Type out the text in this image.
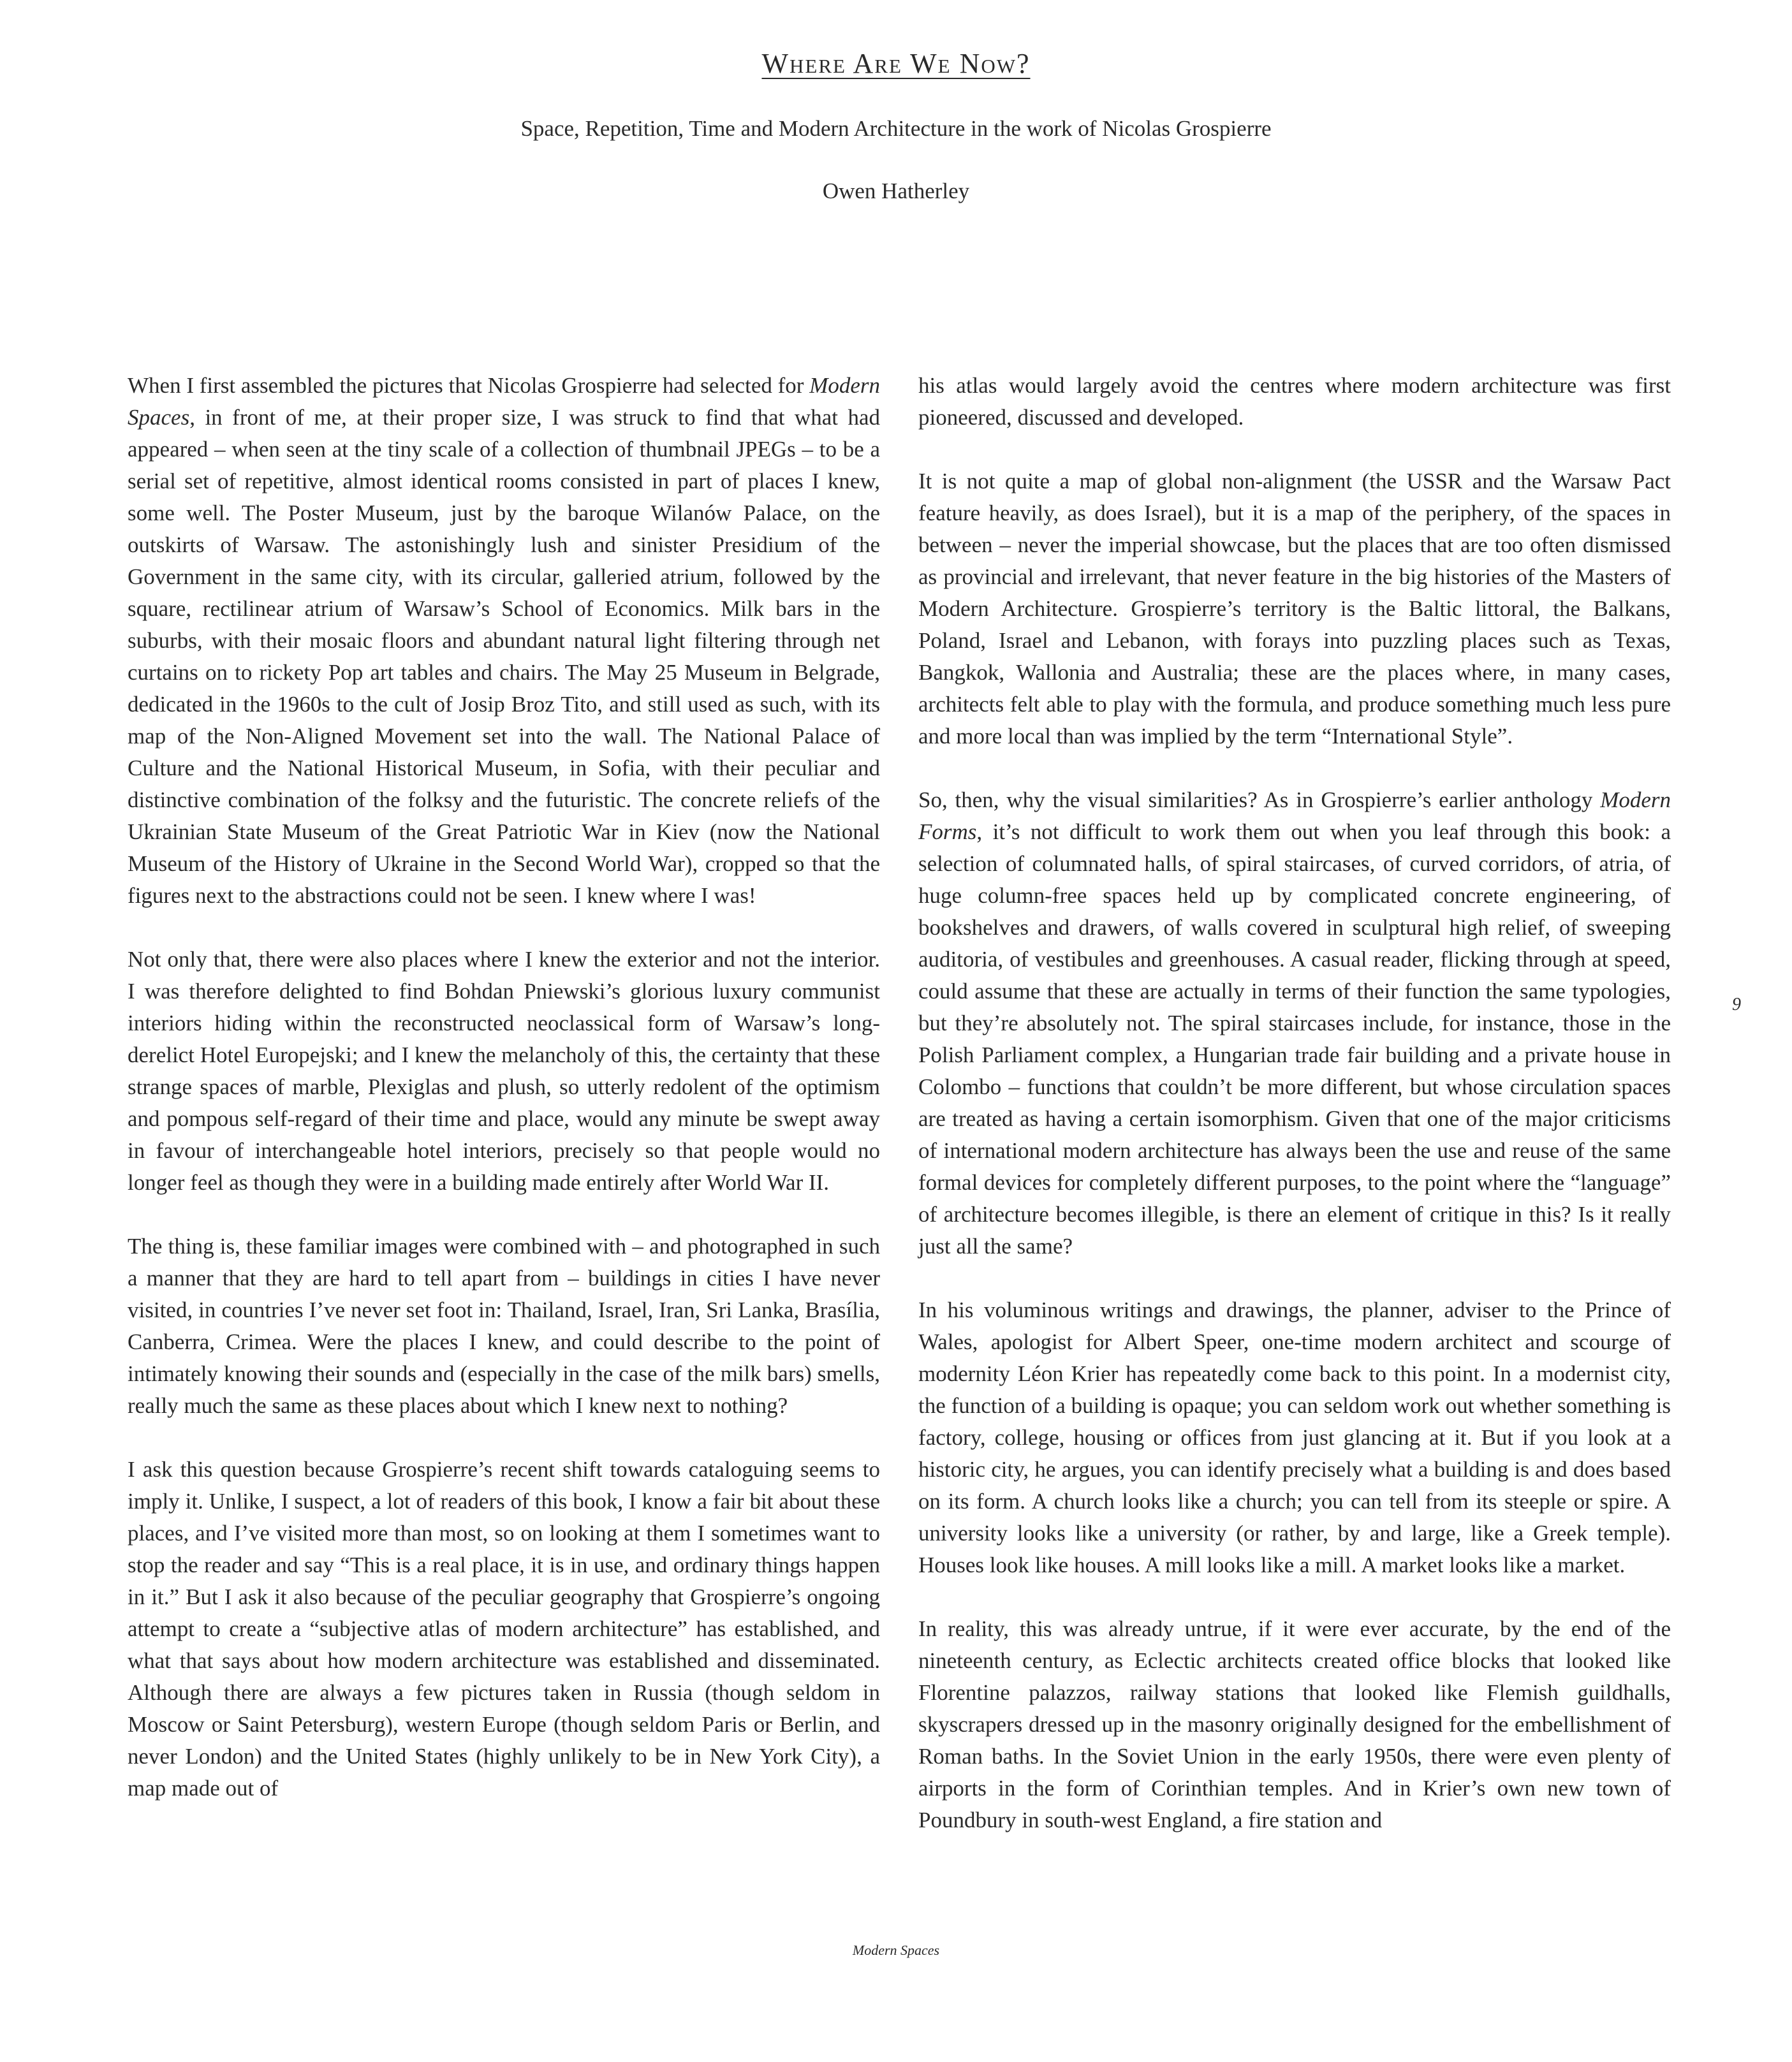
Where Are We Now?
Space, Repetition, Time and Modern Architecture in the work of Nicolas Grospierre
Owen Hatherley

When I first assembled the pictures that Nicolas Grospierre had selected for Modern Spaces, in front of me, at their proper size, I was struck to find that what had appeared – when seen at the tiny scale of a collection of thumbnail JPEGs – to be a serial set of repetitive, almost identical rooms consisted in part of places I knew, some well. The Poster Museum, just by the baroque Wilanów Palace, on the outskirts of Warsaw. The astonishingly lush and sinister Presidium of the Government in the same city, with its circular, galleried atrium, followed by the square, rectilinear atrium of Warsaw’s School of Economics. Milk bars in the suburbs, with their mosaic floors and abundant natural light filtering through net curtains on to rickety Pop art tables and chairs. The May 25 Museum in Belgrade, dedicated in the 1960s to the cult of Josip Broz Tito, and still used as such, with its map of the Non-Aligned Movement set into the wall. The National Palace of Culture and the National Historical Museum, in Sofia, with their peculiar and distinctive combination of the folksy and the futuristic. The concrete reliefs of the Ukrainian State Museum of the Great Patriotic War in Kiev (now the National Museum of the History of Ukraine in the Second World War), cropped so that the figures next to the abstractions could not be seen. I knew where I was!

Not only that, there were also places where I knew the exterior and not the interior. I was therefore delighted to find Bohdan Pniewski’s glorious luxury communist interiors hiding within the reconstructed neoclassical form of Warsaw’s long-derelict Hotel Europejski; and I knew the melancholy of this, the certainty that these strange spaces of marble, Plexiglas and plush, so utterly redolent of the optimism and pompous self-regard of their time and place, would any minute be swept away in favour of interchangeable hotel interiors, precisely so that people would no longer feel as though they were in a building made entirely after World War II.

The thing is, these familiar images were combined with – and photographed in such a manner that they are hard to tell apart from – buildings in cities I have never visited, in countries I’ve never set foot in: Thailand, Israel, Iran, Sri Lanka, Brasília, Canberra, Crimea. Were the places I knew, and could describe to the point of intimately knowing their sounds and (especially in the case of the milk bars) smells, really much the same as these places about which I knew next to nothing?

I ask this question because Grospierre’s recent shift towards cataloguing seems to imply it. Unlike, I suspect, a lot of readers of this book, I know a fair bit about these places, and I’ve visited more than most, so on looking at them I sometimes want to stop the reader and say “This is a real place, it is in use, and ordinary things happen in it.” But I ask it also because of the peculiar geography that Grospierre’s ongoing attempt to create a “subjective atlas of modern architecture” has established, and what that says about how modern architecture was established and disseminated. Although there are always a few pictures taken in Russia (though seldom in Moscow or Saint Petersburg), western Europe (though seldom Paris or Berlin, and never London) and the United States (highly unlikely to be in New York City), a map made out of

his atlas would largely avoid the centres where modern architecture was first pioneered, discussed and developed.

It is not quite a map of global non-alignment (the USSR and the Warsaw Pact feature heavily, as does Israel), but it is a map of the periphery, of the spaces in between – never the imperial showcase, but the places that are too often dismissed as provincial and irrelevant, that never feature in the big histories of the Masters of Modern Architecture. Grospierre’s territory is the Baltic littoral, the Balkans, Poland, Israel and Lebanon, with forays into puzzling places such as Texas, Bangkok, Wallonia and Australia; these are the places where, in many cases, architects felt able to play with the formula, and produce something much less pure and more local than was implied by the term “International Style”.

So, then, why the visual similarities? As in Grospierre’s earlier anthology Modern Forms, it’s not difficult to work them out when you leaf through this book: a selection of columnated halls, of spiral staircases, of curved corridors, of atria, of huge column-free spaces held up by complicated concrete engineering, of bookshelves and drawers, of walls covered in sculptural high relief, of sweeping auditoria, of vestibules and greenhouses. A casual reader, flicking through at speed, could assume that these are actually in terms of their function the same typologies, but they’re absolutely not. The spiral staircases include, for instance, those in the Polish Parliament complex, a Hungarian trade fair building and a private house in Colombo – functions that couldn’t be more different, but whose circulation spaces are treated as having a certain isomorphism. Given that one of the major criticisms of international modern architecture has always been the use and reuse of the same formal devices for completely different purposes, to the point where the “language” of architecture becomes illegible, is there an element of critique in this? Is it really just all the same?

In his voluminous writings and drawings, the planner, adviser to the Prince of Wales, apologist for Albert Speer, one-time modern architect and scourge of modernity Léon Krier has repeatedly come back to this point. In a modernist city, the function of a building is opaque; you can seldom work out whether something is factory, college, housing or offices from just glancing at it. But if you look at a historic city, he argues, you can identify precisely what a building is and does based on its form. A church looks like a church; you can tell from its steeple or spire. A university looks like a university (or rather, by and large, like a Greek temple). Houses look like houses. A mill looks like a mill. A market looks like a market.

In reality, this was already untrue, if it were ever accurate, by the end of the nineteenth century, as Eclectic architects created office blocks that looked like Florentine palazzos, railway stations that looked like Flemish guildhalls, skyscrapers dressed up in the masonry originally designed for the embellishment of Roman baths. In the Soviet Union in the early 1950s, there were even plenty of airports in the form of Corinthian temples. And in Krier’s own new town of Poundbury in south-west England, a fire station and

9
Modern Spaces
